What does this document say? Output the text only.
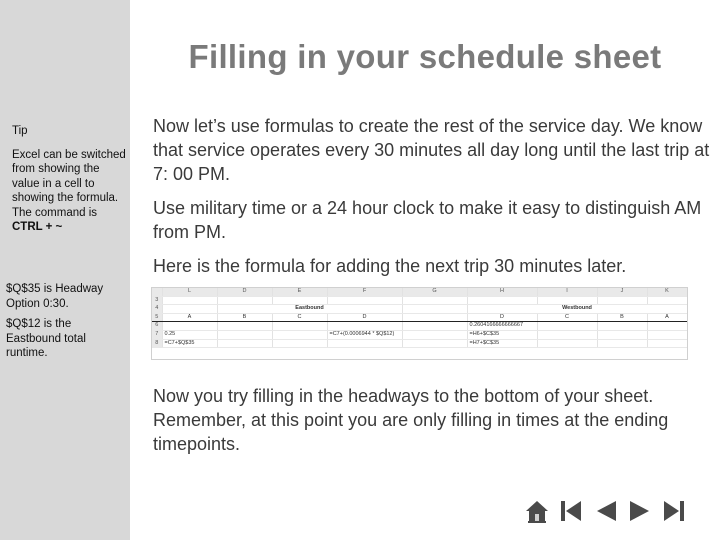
Tip
Excel can be switched from showing the value in a cell to showing the formula. The command is
CTRL + ~
$Q$35 is Headway Option 0:30.
$Q$12 is the Eastbound total runtime.
Filling in your schedule sheet
Now let’s use formulas to create the rest of the service day. We know that service operates every 30 minutes all day long until the last trip at 7: 00 PM.
Use military time or a 24 hour clock to make it easy to distinguish AM from PM.
Here is the formula for adding the next trip 30 minutes later.
	L	D	E	F	G	H	I	J	K
3									
4		Eastbound				Westbound			
5	A	B	C	D		D	C	B	A
6						0.2604166666666667			
7	0.25			=C7+(0.0006944 * $Q$12)		=H6+$C$35			
8	=C7+$Q$35					=H7+$C$35			
Now you try filling in the headways to the bottom of your sheet. Remember, at this point you are only filling in times at the ending timepoints.
